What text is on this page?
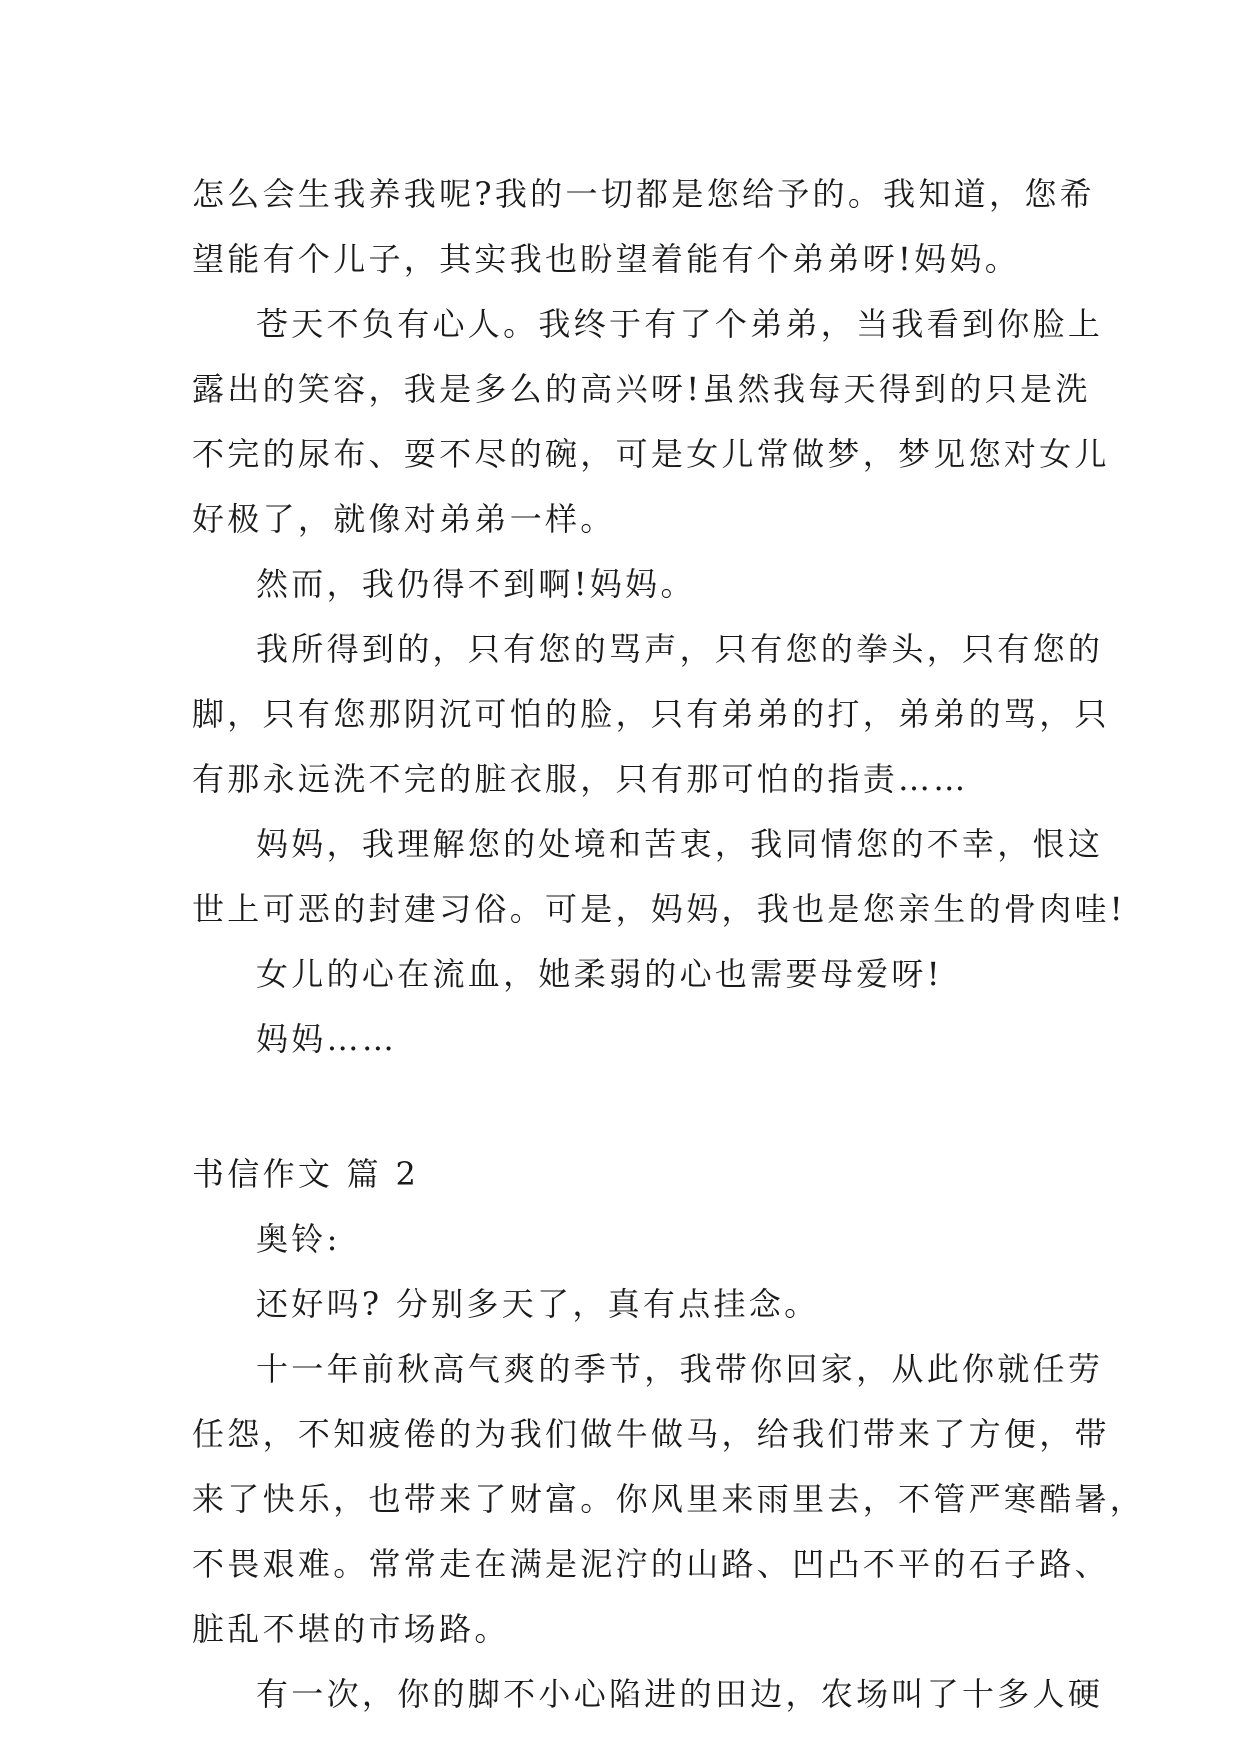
怎么会生我养我呢?我的一切都是您给予的。我知道，您希
望能有个儿子，其实我也盼望着能有个弟弟呀!妈妈。
苍天不负有心人。我终于有了个弟弟，当我看到你脸上
露出的笑容，我是多么的高兴呀!虽然我每天得到的只是洗
不完的尿布、耍不尽的碗，可是女儿常做梦，梦见您对女儿
好极了，就像对弟弟一样。
然而，我仍得不到啊!妈妈。
我所得到的，只有您的骂声，只有您的拳头，只有您的
脚，只有您那阴沉可怕的脸，只有弟弟的打，弟弟的骂，只
有那永远洗不完的脏衣服，只有那可怕的指责……
妈妈，我理解您的处境和苦衷，我同情您的不幸，恨这
世上可恶的封建习俗。可是，妈妈，我也是您亲生的骨肉哇!
女儿的心在流血，她柔弱的心也需要母爱呀!
妈妈……
书信作文 篇 2
奥铃:
还好吗? 分别多天了，真有点挂念。
十一年前秋高气爽的季节，我带你回家，从此你就任劳
任怨，不知疲倦的为我们做牛做马，给我们带来了方便，带
来了快乐，也带来了财富。你风里来雨里去，不管严寒酷暑，
不畏艰难。常常走在满是泥泞的山路、凹凸不平的石子路、
脏乱不堪的市场路。
有一次，你的脚不小心陷进的田边，农场叫了十多人硬
